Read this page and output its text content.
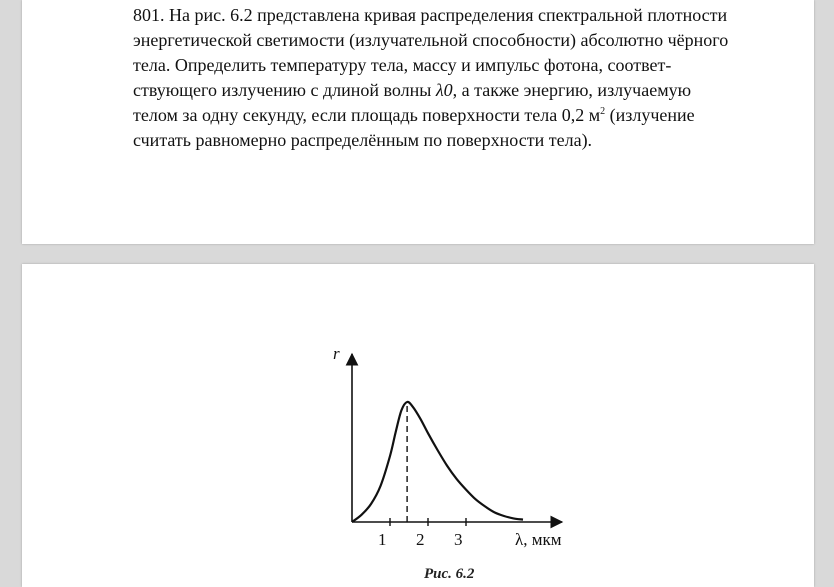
801. На рис. 6.2 представлена кривая распределения спектральной плотности
энергетической светимости (излучательной способности) абсолютно чёрного
тела. Определить температуру тела, массу и импульс фотона, соответ-
ствующего излучению с длиной волны λ0, а также энергию, излучаемую
телом за одну секунду, если площадь поверхности тела 0,2 $м^2$ (излучение
считать равномерно распределённым по поверхности тела).
r
1 2 3	λ, мкм
Рис. 6.2
